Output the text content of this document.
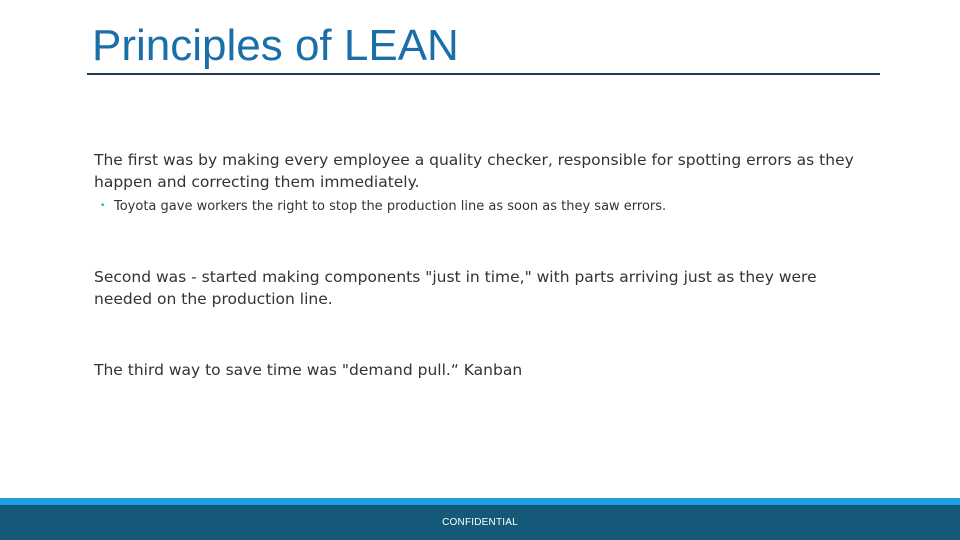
Principles of LEAN

The first was by making every employee a quality checker, responsible for spotting errors as they happen and correcting them immediately.

• Toyota gave workers the right to stop the production line as soon as they saw errors.

Second was - started making components "just in time," with parts arriving just as they were needed on the production line.

The third way to save time was "demand pull.“ Kanban

CONFIDENTIAL
